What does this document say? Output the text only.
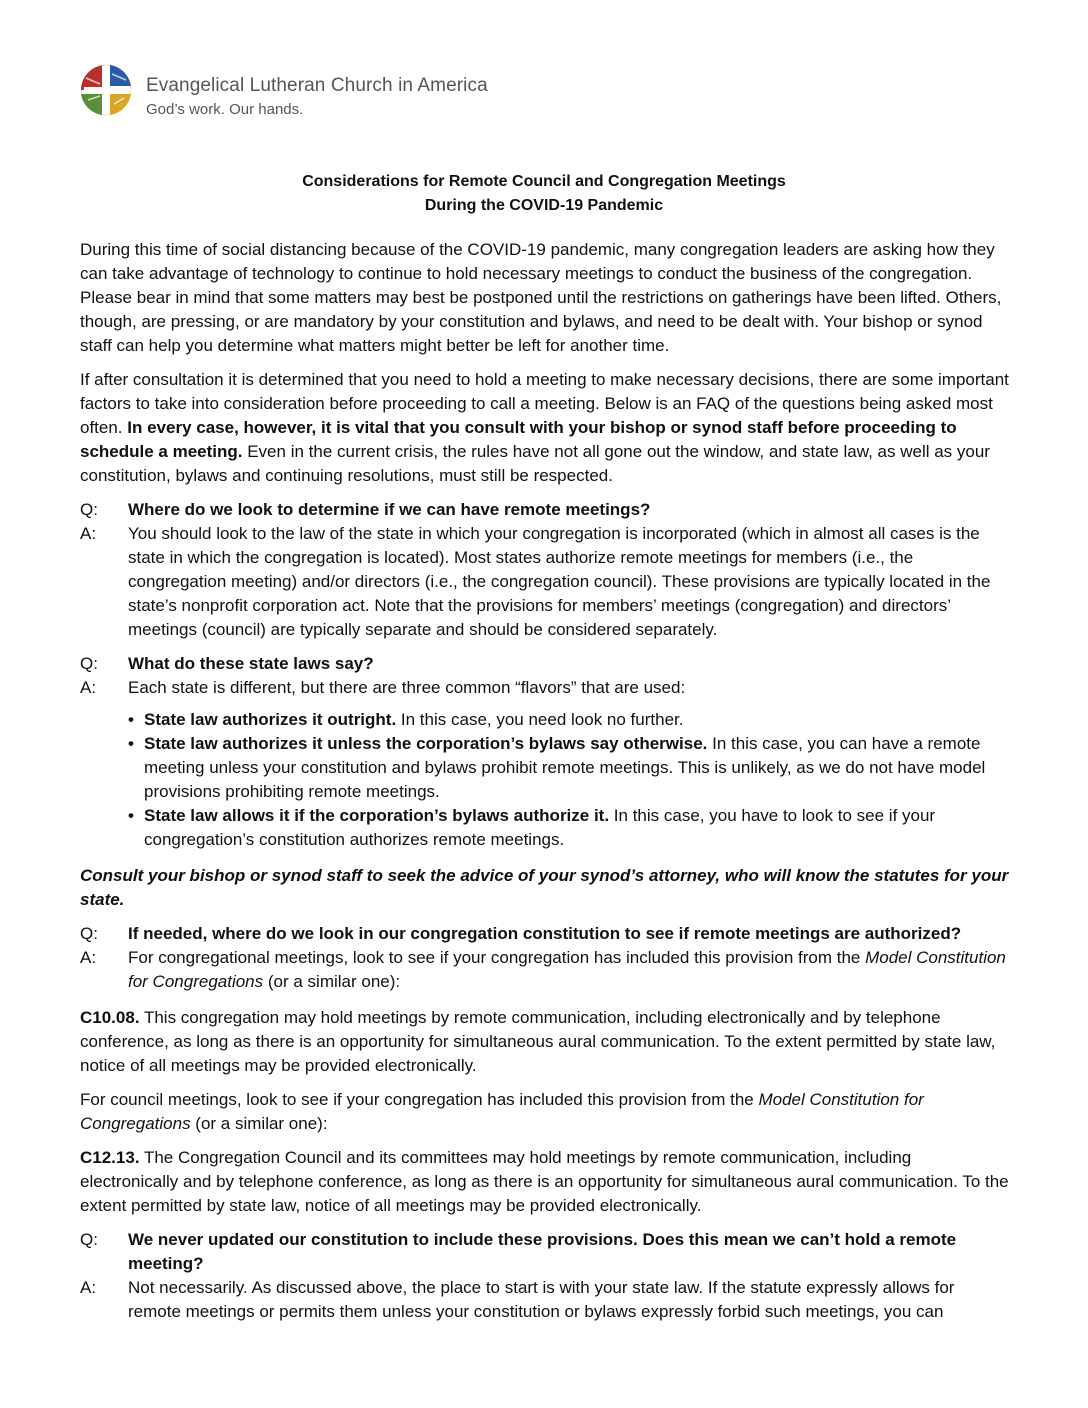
Evangelical Lutheran Church in America
God’s work. Our hands.
Considerations for Remote Council and Congregation Meetings
During the COVID-19 Pandemic

During this time of social distancing because of the COVID-19 pandemic, many congregation leaders are asking how they can take advantage of technology to continue to hold necessary meetings to conduct the business of the congregation. Please bear in mind that some matters may best be postponed until the restrictions on gatherings have been lifted. Others, though, are pressing, or are mandatory by your constitution and bylaws, and need to be dealt with. Your bishop or synod staff can help you determine what matters might better be left for another time.

If after consultation it is determined that you need to hold a meeting to make necessary decisions, there are some important factors to take into consideration before proceeding to call a meeting. Below is an FAQ of the questions being asked most often. In every case, however, it is vital that you consult with your bishop or synod staff before proceeding to schedule a meeting. Even in the current crisis, the rules have not all gone out the window, and state law, as well as your constitution, bylaws and continuing resolutions, must still be respected.

Q:	Where do we look to determine if we can have remote meetings?
A:	You should look to the law of the state in which your congregation is incorporated (which in almost all cases is the state in which the congregation is located). Most states authorize remote meetings for members (i.e., the congregation meeting) and/or directors (i.e., the congregation council). These provisions are typically located in the state’s nonprofit corporation act. Note that the provisions for members’ meetings (congregation) and directors’ meetings (council) are typically separate and should be considered separately.
Q:	What do these state laws say?
A:	Each state is different, but there are three common “flavors” that are used:
• State law authorizes it outright. In this case, you need look no further.
• State law authorizes it unless the corporation’s bylaws say otherwise. In this case, you can have a remote meeting unless your constitution and bylaws prohibit remote meetings. This is unlikely, as we do not have model provisions prohibiting remote meetings.
• State law allows it if the corporation’s bylaws authorize it. In this case, you have to look to see if your congregation’s constitution authorizes remote meetings.

Consult your bishop or synod staff to seek the advice of your synod’s attorney, who will know the statutes for your state.

Q:	If needed, where do we look in our congregation constitution to see if remote meetings are authorized?
A:	For congregational meetings, look to see if your congregation has included this provision from the Model Constitution for Congregations (or a similar one):

C10.08. This congregation may hold meetings by remote communication, including electronically and by telephone conference, as long as there is an opportunity for simultaneous aural communication. To the extent permitted by state law, notice of all meetings may be provided electronically.

For council meetings, look to see if your congregation has included this provision from the Model Constitution for Congregations (or a similar one):

C12.13. The Congregation Council and its committees may hold meetings by remote communication, including electronically and by telephone conference, as long as there is an opportunity for simultaneous aural communication. To the extent permitted by state law, notice of all meetings may be provided electronically.

Q:	We never updated our constitution to include these provisions. Does this mean we can’t hold a remote meeting?
A:	Not necessarily. As discussed above, the place to start is with your state law. If the statute expressly allows for remote meetings or permits them unless your constitution or bylaws expressly forbid such meetings, you can
